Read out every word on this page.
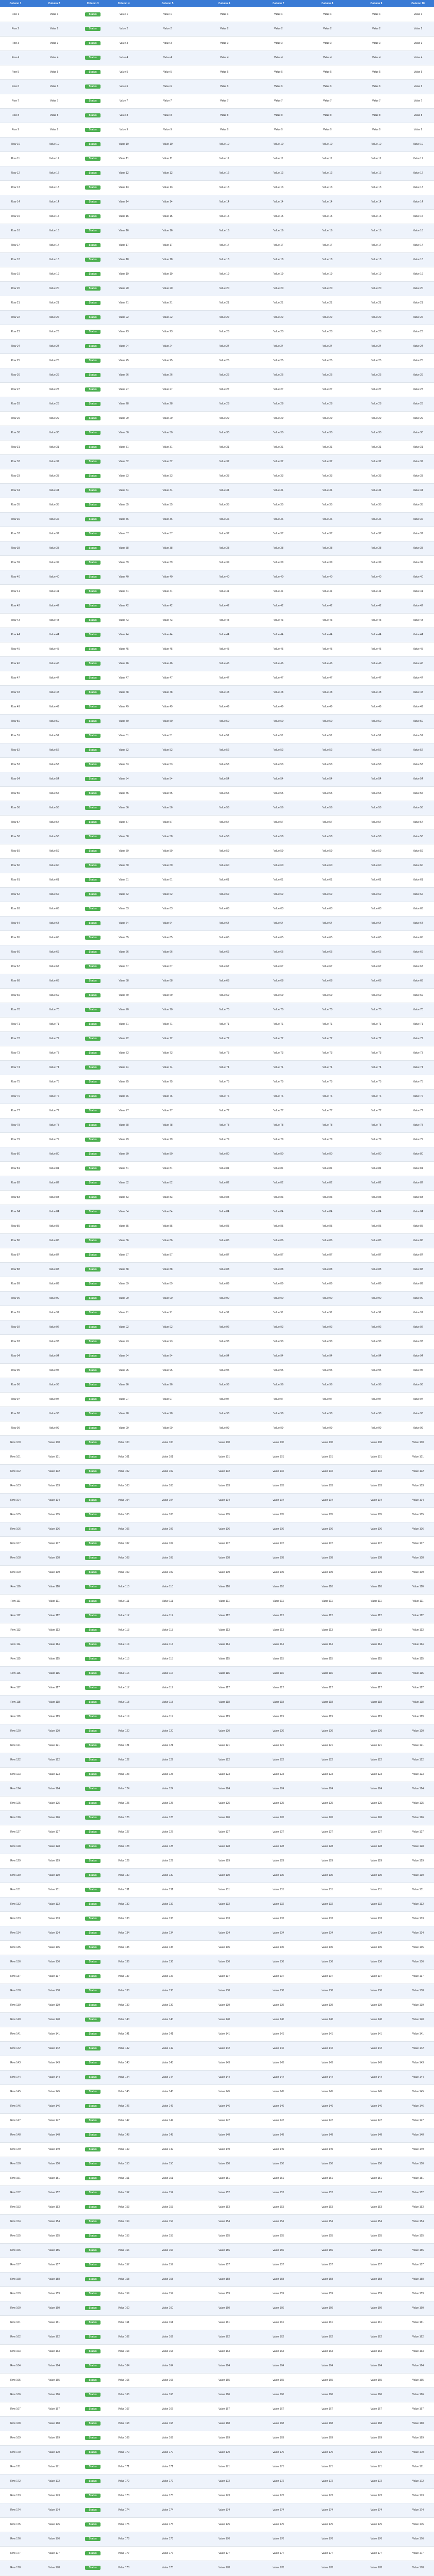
Column 1	Column 2	Column 3	Column 4	Column 5	Column 6	Column 7	Column 8	Column 9	Column 10
Row 1	Value 1	Status	Value 1	Value 1	Value 1	Value 1	Value 1	Value 1	Value 1
Row 2	Value 2	Status	Value 2	Value 2	Value 2	Value 2	Value 2	Value 2	Value 2
Row 3	Value 3	Status	Value 3	Value 3	Value 3	Value 3	Value 3	Value 3	Value 3
Row 4	Value 4	Status	Value 4	Value 4	Value 4	Value 4	Value 4	Value 4	Value 4
Row 5	Value 5	Status	Value 5	Value 5	Value 5	Value 5	Value 5	Value 5	Value 5
Row 6	Value 6	Status	Value 6	Value 6	Value 6	Value 6	Value 6	Value 6	Value 6
Row 7	Value 7	Status	Value 7	Value 7	Value 7	Value 7	Value 7	Value 7	Value 7
Row 8	Value 8	Status	Value 8	Value 8	Value 8	Value 8	Value 8	Value 8	Value 8
Row 9	Value 9	Status	Value 9	Value 9	Value 9	Value 9	Value 9	Value 9	Value 9
Row 10	Value 10	Status	Value 10	Value 10	Value 10	Value 10	Value 10	Value 10	Value 10
Row 11	Value 11	Status	Value 11	Value 11	Value 11	Value 11	Value 11	Value 11	Value 11
Row 12	Value 12	Status	Value 12	Value 12	Value 12	Value 12	Value 12	Value 12	Value 12
Row 13	Value 13	Status	Value 13	Value 13	Value 13	Value 13	Value 13	Value 13	Value 13
Row 14	Value 14	Status	Value 14	Value 14	Value 14	Value 14	Value 14	Value 14	Value 14
Row 15	Value 15	Status	Value 15	Value 15	Value 15	Value 15	Value 15	Value 15	Value 15
Row 16	Value 16	Status	Value 16	Value 16	Value 16	Value 16	Value 16	Value 16	Value 16
Row 17	Value 17	Status	Value 17	Value 17	Value 17	Value 17	Value 17	Value 17	Value 17
Row 18	Value 18	Status	Value 18	Value 18	Value 18	Value 18	Value 18	Value 18	Value 18
Row 19	Value 19	Status	Value 19	Value 19	Value 19	Value 19	Value 19	Value 19	Value 19
Row 20	Value 20	Status	Value 20	Value 20	Value 20	Value 20	Value 20	Value 20	Value 20
Row 21	Value 21	Status	Value 21	Value 21	Value 21	Value 21	Value 21	Value 21	Value 21
Row 22	Value 22	Status	Value 22	Value 22	Value 22	Value 22	Value 22	Value 22	Value 22
Row 23	Value 23	Status	Value 23	Value 23	Value 23	Value 23	Value 23	Value 23	Value 23
Row 24	Value 24	Status	Value 24	Value 24	Value 24	Value 24	Value 24	Value 24	Value 24
Row 25	Value 25	Status	Value 25	Value 25	Value 25	Value 25	Value 25	Value 25	Value 25
Row 26	Value 26	Status	Value 26	Value 26	Value 26	Value 26	Value 26	Value 26	Value 26
Row 27	Value 27	Status	Value 27	Value 27	Value 27	Value 27	Value 27	Value 27	Value 27
Row 28	Value 28	Status	Value 28	Value 28	Value 28	Value 28	Value 28	Value 28	Value 28
Row 29	Value 29	Status	Value 29	Value 29	Value 29	Value 29	Value 29	Value 29	Value 29
Row 30	Value 30	Status	Value 30	Value 30	Value 30	Value 30	Value 30	Value 30	Value 30
Row 31	Value 31	Status	Value 31	Value 31	Value 31	Value 31	Value 31	Value 31	Value 31
Row 32	Value 32	Status	Value 32	Value 32	Value 32	Value 32	Value 32	Value 32	Value 32
Row 33	Value 33	Status	Value 33	Value 33	Value 33	Value 33	Value 33	Value 33	Value 33
Row 34	Value 34	Status	Value 34	Value 34	Value 34	Value 34	Value 34	Value 34	Value 34
Row 35	Value 35	Status	Value 35	Value 35	Value 35	Value 35	Value 35	Value 35	Value 35
Row 36	Value 36	Status	Value 36	Value 36	Value 36	Value 36	Value 36	Value 36	Value 36
Row 37	Value 37	Status	Value 37	Value 37	Value 37	Value 37	Value 37	Value 37	Value 37
Row 38	Value 38	Status	Value 38	Value 38	Value 38	Value 38	Value 38	Value 38	Value 38
Row 39	Value 39	Status	Value 39	Value 39	Value 39	Value 39	Value 39	Value 39	Value 39
Row 40	Value 40	Status	Value 40	Value 40	Value 40	Value 40	Value 40	Value 40	Value 40
Row 41	Value 41	Status	Value 41	Value 41	Value 41	Value 41	Value 41	Value 41	Value 41
Row 42	Value 42	Status	Value 42	Value 42	Value 42	Value 42	Value 42	Value 42	Value 42
Row 43	Value 43	Status	Value 43	Value 43	Value 43	Value 43	Value 43	Value 43	Value 43
Row 44	Value 44	Status	Value 44	Value 44	Value 44	Value 44	Value 44	Value 44	Value 44
Row 45	Value 45	Status	Value 45	Value 45	Value 45	Value 45	Value 45	Value 45	Value 45
Row 46	Value 46	Status	Value 46	Value 46	Value 46	Value 46	Value 46	Value 46	Value 46
Row 47	Value 47	Status	Value 47	Value 47	Value 47	Value 47	Value 47	Value 47	Value 47
Row 48	Value 48	Status	Value 48	Value 48	Value 48	Value 48	Value 48	Value 48	Value 48
Row 49	Value 49	Status	Value 49	Value 49	Value 49	Value 49	Value 49	Value 49	Value 49
Row 50	Value 50	Status	Value 50	Value 50	Value 50	Value 50	Value 50	Value 50	Value 50
Row 51	Value 51	Status	Value 51	Value 51	Value 51	Value 51	Value 51	Value 51	Value 51
Row 52	Value 52	Status	Value 52	Value 52	Value 52	Value 52	Value 52	Value 52	Value 52
Row 53	Value 53	Status	Value 53	Value 53	Value 53	Value 53	Value 53	Value 53	Value 53
Row 54	Value 54	Status	Value 54	Value 54	Value 54	Value 54	Value 54	Value 54	Value 54
Row 55	Value 55	Status	Value 55	Value 55	Value 55	Value 55	Value 55	Value 55	Value 55
Row 56	Value 56	Status	Value 56	Value 56	Value 56	Value 56	Value 56	Value 56	Value 56
Row 57	Value 57	Status	Value 57	Value 57	Value 57	Value 57	Value 57	Value 57	Value 57
Row 58	Value 58	Status	Value 58	Value 58	Value 58	Value 58	Value 58	Value 58	Value 58
Row 59	Value 59	Status	Value 59	Value 59	Value 59	Value 59	Value 59	Value 59	Value 59
Row 60	Value 60	Status	Value 60	Value 60	Value 60	Value 60	Value 60	Value 60	Value 60
Row 61	Value 61	Status	Value 61	Value 61	Value 61	Value 61	Value 61	Value 61	Value 61
Row 62	Value 62	Status	Value 62	Value 62	Value 62	Value 62	Value 62	Value 62	Value 62
Row 63	Value 63	Status	Value 63	Value 63	Value 63	Value 63	Value 63	Value 63	Value 63
Row 64	Value 64	Status	Value 64	Value 64	Value 64	Value 64	Value 64	Value 64	Value 64
Row 65	Value 65	Status	Value 65	Value 65	Value 65	Value 65	Value 65	Value 65	Value 65
Row 66	Value 66	Status	Value 66	Value 66	Value 66	Value 66	Value 66	Value 66	Value 66
Row 67	Value 67	Status	Value 67	Value 67	Value 67	Value 67	Value 67	Value 67	Value 67
Row 68	Value 68	Status	Value 68	Value 68	Value 68	Value 68	Value 68	Value 68	Value 68
Row 69	Value 69	Status	Value 69	Value 69	Value 69	Value 69	Value 69	Value 69	Value 69
Row 70	Value 70	Status	Value 70	Value 70	Value 70	Value 70	Value 70	Value 70	Value 70
Row 71	Value 71	Status	Value 71	Value 71	Value 71	Value 71	Value 71	Value 71	Value 71
Row 72	Value 72	Status	Value 72	Value 72	Value 72	Value 72	Value 72	Value 72	Value 72
Row 73	Value 73	Status	Value 73	Value 73	Value 73	Value 73	Value 73	Value 73	Value 73
Row 74	Value 74	Status	Value 74	Value 74	Value 74	Value 74	Value 74	Value 74	Value 74
Row 75	Value 75	Status	Value 75	Value 75	Value 75	Value 75	Value 75	Value 75	Value 75
Row 76	Value 76	Status	Value 76	Value 76	Value 76	Value 76	Value 76	Value 76	Value 76
Row 77	Value 77	Status	Value 77	Value 77	Value 77	Value 77	Value 77	Value 77	Value 77
Row 78	Value 78	Status	Value 78	Value 78	Value 78	Value 78	Value 78	Value 78	Value 78
Row 79	Value 79	Status	Value 79	Value 79	Value 79	Value 79	Value 79	Value 79	Value 79
Row 80	Value 80	Status	Value 80	Value 80	Value 80	Value 80	Value 80	Value 80	Value 80
Row 81	Value 81	Status	Value 81	Value 81	Value 81	Value 81	Value 81	Value 81	Value 81
Row 82	Value 82	Status	Value 82	Value 82	Value 82	Value 82	Value 82	Value 82	Value 82
Row 83	Value 83	Status	Value 83	Value 83	Value 83	Value 83	Value 83	Value 83	Value 83
Row 84	Value 84	Status	Value 84	Value 84	Value 84	Value 84	Value 84	Value 84	Value 84
Row 85	Value 85	Status	Value 85	Value 85	Value 85	Value 85	Value 85	Value 85	Value 85
Row 86	Value 86	Status	Value 86	Value 86	Value 86	Value 86	Value 86	Value 86	Value 86
Row 87	Value 87	Status	Value 87	Value 87	Value 87	Value 87	Value 87	Value 87	Value 87
Row 88	Value 88	Status	Value 88	Value 88	Value 88	Value 88	Value 88	Value 88	Value 88
Row 89	Value 89	Status	Value 89	Value 89	Value 89	Value 89	Value 89	Value 89	Value 89
Row 90	Value 90	Status	Value 90	Value 90	Value 90	Value 90	Value 90	Value 90	Value 90
Row 91	Value 91	Status	Value 91	Value 91	Value 91	Value 91	Value 91	Value 91	Value 91
Row 92	Value 92	Status	Value 92	Value 92	Value 92	Value 92	Value 92	Value 92	Value 92
Row 93	Value 93	Status	Value 93	Value 93	Value 93	Value 93	Value 93	Value 93	Value 93
Row 94	Value 94	Status	Value 94	Value 94	Value 94	Value 94	Value 94	Value 94	Value 94
Row 95	Value 95	Status	Value 95	Value 95	Value 95	Value 95	Value 95	Value 95	Value 95
Row 96	Value 96	Status	Value 96	Value 96	Value 96	Value 96	Value 96	Value 96	Value 96
Row 97	Value 97	Status	Value 97	Value 97	Value 97	Value 97	Value 97	Value 97	Value 97
Row 98	Value 98	Status	Value 98	Value 98	Value 98	Value 98	Value 98	Value 98	Value 98
Row 99	Value 99	Status	Value 99	Value 99	Value 99	Value 99	Value 99	Value 99	Value 99
Row 100	Value 100	Status	Value 100	Value 100	Value 100	Value 100	Value 100	Value 100	Value 100
Row 101	Value 101	Status	Value 101	Value 101	Value 101	Value 101	Value 101	Value 101	Value 101
Row 102	Value 102	Status	Value 102	Value 102	Value 102	Value 102	Value 102	Value 102	Value 102
Row 103	Value 103	Status	Value 103	Value 103	Value 103	Value 103	Value 103	Value 103	Value 103
Row 104	Value 104	Status	Value 104	Value 104	Value 104	Value 104	Value 104	Value 104	Value 104
Row 105	Value 105	Status	Value 105	Value 105	Value 105	Value 105	Value 105	Value 105	Value 105
Row 106	Value 106	Status	Value 106	Value 106	Value 106	Value 106	Value 106	Value 106	Value 106
Row 107	Value 107	Status	Value 107	Value 107	Value 107	Value 107	Value 107	Value 107	Value 107
Row 108	Value 108	Status	Value 108	Value 108	Value 108	Value 108	Value 108	Value 108	Value 108
Row 109	Value 109	Status	Value 109	Value 109	Value 109	Value 109	Value 109	Value 109	Value 109
Row 110	Value 110	Status	Value 110	Value 110	Value 110	Value 110	Value 110	Value 110	Value 110
Row 111	Value 111	Status	Value 111	Value 111	Value 111	Value 111	Value 111	Value 111	Value 111
Row 112	Value 112	Status	Value 112	Value 112	Value 112	Value 112	Value 112	Value 112	Value 112
Row 113	Value 113	Status	Value 113	Value 113	Value 113	Value 113	Value 113	Value 113	Value 113
Row 114	Value 114	Status	Value 114	Value 114	Value 114	Value 114	Value 114	Value 114	Value 114
Row 115	Value 115	Status	Value 115	Value 115	Value 115	Value 115	Value 115	Value 115	Value 115
Row 116	Value 116	Status	Value 116	Value 116	Value 116	Value 116	Value 116	Value 116	Value 116
Row 117	Value 117	Status	Value 117	Value 117	Value 117	Value 117	Value 117	Value 117	Value 117
Row 118	Value 118	Status	Value 118	Value 118	Value 118	Value 118	Value 118	Value 118	Value 118
Row 119	Value 119	Status	Value 119	Value 119	Value 119	Value 119	Value 119	Value 119	Value 119
Row 120	Value 120	Status	Value 120	Value 120	Value 120	Value 120	Value 120	Value 120	Value 120
Row 121	Value 121	Status	Value 121	Value 121	Value 121	Value 121	Value 121	Value 121	Value 121
Row 122	Value 122	Status	Value 122	Value 122	Value 122	Value 122	Value 122	Value 122	Value 122
Row 123	Value 123	Status	Value 123	Value 123	Value 123	Value 123	Value 123	Value 123	Value 123
Row 124	Value 124	Status	Value 124	Value 124	Value 124	Value 124	Value 124	Value 124	Value 124
Row 125	Value 125	Status	Value 125	Value 125	Value 125	Value 125	Value 125	Value 125	Value 125
Row 126	Value 126	Status	Value 126	Value 126	Value 126	Value 126	Value 126	Value 126	Value 126
Row 127	Value 127	Status	Value 127	Value 127	Value 127	Value 127	Value 127	Value 127	Value 127
Row 128	Value 128	Status	Value 128	Value 128	Value 128	Value 128	Value 128	Value 128	Value 128
Row 129	Value 129	Status	Value 129	Value 129	Value 129	Value 129	Value 129	Value 129	Value 129
Row 130	Value 130	Status	Value 130	Value 130	Value 130	Value 130	Value 130	Value 130	Value 130
Row 131	Value 131	Status	Value 131	Value 131	Value 131	Value 131	Value 131	Value 131	Value 131
Row 132	Value 132	Status	Value 132	Value 132	Value 132	Value 132	Value 132	Value 132	Value 132
Row 133	Value 133	Status	Value 133	Value 133	Value 133	Value 133	Value 133	Value 133	Value 133
Row 134	Value 134	Status	Value 134	Value 134	Value 134	Value 134	Value 134	Value 134	Value 134
Row 135	Value 135	Status	Value 135	Value 135	Value 135	Value 135	Value 135	Value 135	Value 135
Row 136	Value 136	Status	Value 136	Value 136	Value 136	Value 136	Value 136	Value 136	Value 136
Row 137	Value 137	Status	Value 137	Value 137	Value 137	Value 137	Value 137	Value 137	Value 137
Row 138	Value 138	Status	Value 138	Value 138	Value 138	Value 138	Value 138	Value 138	Value 138
Row 139	Value 139	Status	Value 139	Value 139	Value 139	Value 139	Value 139	Value 139	Value 139
Row 140	Value 140	Status	Value 140	Value 140	Value 140	Value 140	Value 140	Value 140	Value 140
Row 141	Value 141	Status	Value 141	Value 141	Value 141	Value 141	Value 141	Value 141	Value 141
Row 142	Value 142	Status	Value 142	Value 142	Value 142	Value 142	Value 142	Value 142	Value 142
Row 143	Value 143	Status	Value 143	Value 143	Value 143	Value 143	Value 143	Value 143	Value 143
Row 144	Value 144	Status	Value 144	Value 144	Value 144	Value 144	Value 144	Value 144	Value 144
Row 145	Value 145	Status	Value 145	Value 145	Value 145	Value 145	Value 145	Value 145	Value 145
Row 146	Value 146	Status	Value 146	Value 146	Value 146	Value 146	Value 146	Value 146	Value 146
Row 147	Value 147	Status	Value 147	Value 147	Value 147	Value 147	Value 147	Value 147	Value 147
Row 148	Value 148	Status	Value 148	Value 148	Value 148	Value 148	Value 148	Value 148	Value 148
Row 149	Value 149	Status	Value 149	Value 149	Value 149	Value 149	Value 149	Value 149	Value 149
Row 150	Value 150	Status	Value 150	Value 150	Value 150	Value 150	Value 150	Value 150	Value 150
Row 151	Value 151	Status	Value 151	Value 151	Value 151	Value 151	Value 151	Value 151	Value 151
Row 152	Value 152	Status	Value 152	Value 152	Value 152	Value 152	Value 152	Value 152	Value 152
Row 153	Value 153	Status	Value 153	Value 153	Value 153	Value 153	Value 153	Value 153	Value 153
Row 154	Value 154	Status	Value 154	Value 154	Value 154	Value 154	Value 154	Value 154	Value 154
Row 155	Value 155	Status	Value 155	Value 155	Value 155	Value 155	Value 155	Value 155	Value 155
Row 156	Value 156	Status	Value 156	Value 156	Value 156	Value 156	Value 156	Value 156	Value 156
Row 157	Value 157	Status	Value 157	Value 157	Value 157	Value 157	Value 157	Value 157	Value 157
Row 158	Value 158	Status	Value 158	Value 158	Value 158	Value 158	Value 158	Value 158	Value 158
Row 159	Value 159	Status	Value 159	Value 159	Value 159	Value 159	Value 159	Value 159	Value 159
Row 160	Value 160	Status	Value 160	Value 160	Value 160	Value 160	Value 160	Value 160	Value 160
Row 161	Value 161	Status	Value 161	Value 161	Value 161	Value 161	Value 161	Value 161	Value 161
Row 162	Value 162	Status	Value 162	Value 162	Value 162	Value 162	Value 162	Value 162	Value 162
Row 163	Value 163	Status	Value 163	Value 163	Value 163	Value 163	Value 163	Value 163	Value 163
Row 164	Value 164	Status	Value 164	Value 164	Value 164	Value 164	Value 164	Value 164	Value 164
Row 165	Value 165	Status	Value 165	Value 165	Value 165	Value 165	Value 165	Value 165	Value 165
Row 166	Value 166	Status	Value 166	Value 166	Value 166	Value 166	Value 166	Value 166	Value 166
Row 167	Value 167	Status	Value 167	Value 167	Value 167	Value 167	Value 167	Value 167	Value 167
Row 168	Value 168	Status	Value 168	Value 168	Value 168	Value 168	Value 168	Value 168	Value 168
Row 169	Value 169	Status	Value 169	Value 169	Value 169	Value 169	Value 169	Value 169	Value 169
Row 170	Value 170	Status	Value 170	Value 170	Value 170	Value 170	Value 170	Value 170	Value 170
Row 171	Value 171	Status	Value 171	Value 171	Value 171	Value 171	Value 171	Value 171	Value 171
Row 172	Value 172	Status	Value 172	Value 172	Value 172	Value 172	Value 172	Value 172	Value 172
Row 173	Value 173	Status	Value 173	Value 173	Value 173	Value 173	Value 173	Value 173	Value 173
Row 174	Value 174	Status	Value 174	Value 174	Value 174	Value 174	Value 174	Value 174	Value 174
Row 175	Value 175	Status	Value 175	Value 175	Value 175	Value 175	Value 175	Value 175	Value 175
Row 176	Value 176	Status	Value 176	Value 176	Value 176	Value 176	Value 176	Value 176	Value 176
Row 177	Value 177	Status	Value 177	Value 177	Value 177	Value 177	Value 177	Value 177	Value 177
Row 178	Value 178	Status	Value 178	Value 178	Value 178	Value 178	Value 178	Value 178	Value 178
